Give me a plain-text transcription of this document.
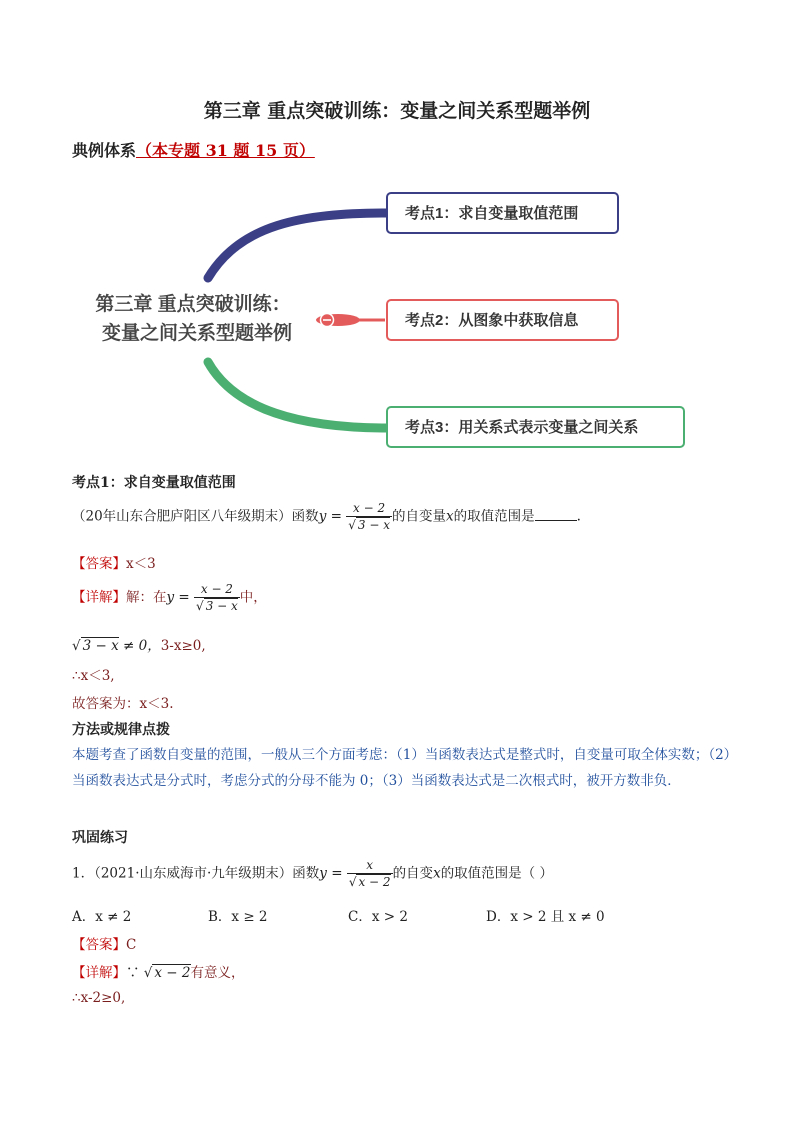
第三章 重点突破训练：变量之间关系型题举例
典例体系（本专题 31 题 15 页）
考点1：求自变量取值范围
考点2：从图象中获取信息
考点3：用关系式表示变量之间关系
第三章 重点突破训练：
变量之间关系型题举例
考点1：求自变量取值范围
（20年山东合肥庐阳区八年级期末）函数$y = \frac{x - 2}{√ 3 - x}$ 的自变量x的取值范围是	.
【答案】x＜3
【详解】解：在$y = \frac{x - 2}{√ 3 - x}$ 中，
√ 3 − x ≠ 0，3-x≥0,
∴x＜3,
故答案为：x＜3.
方法或规律点拨
本题考查了函数自变量的范围，一般从三个方面考虑：（1）当函数表达式是整式时，自变量可取全体实数；（2）当函数表达式是分式时，考虑分式的分母不能为 0；（3）当函数表达式是二次根式时，被开方数非负．
巩固练习
1．（2021·山东威海市·九年级期末）函数$y = \frac{x}{√ x - 2}$ 的自变x的取值范围是（ ）
A．x ≠ 2	B．x ≥ 2	C．x > 2	D．x > 2 且 x ≠ 0
【答案】C
【详解】∵ √ x − 2有意义，
∴x-2≥0,
